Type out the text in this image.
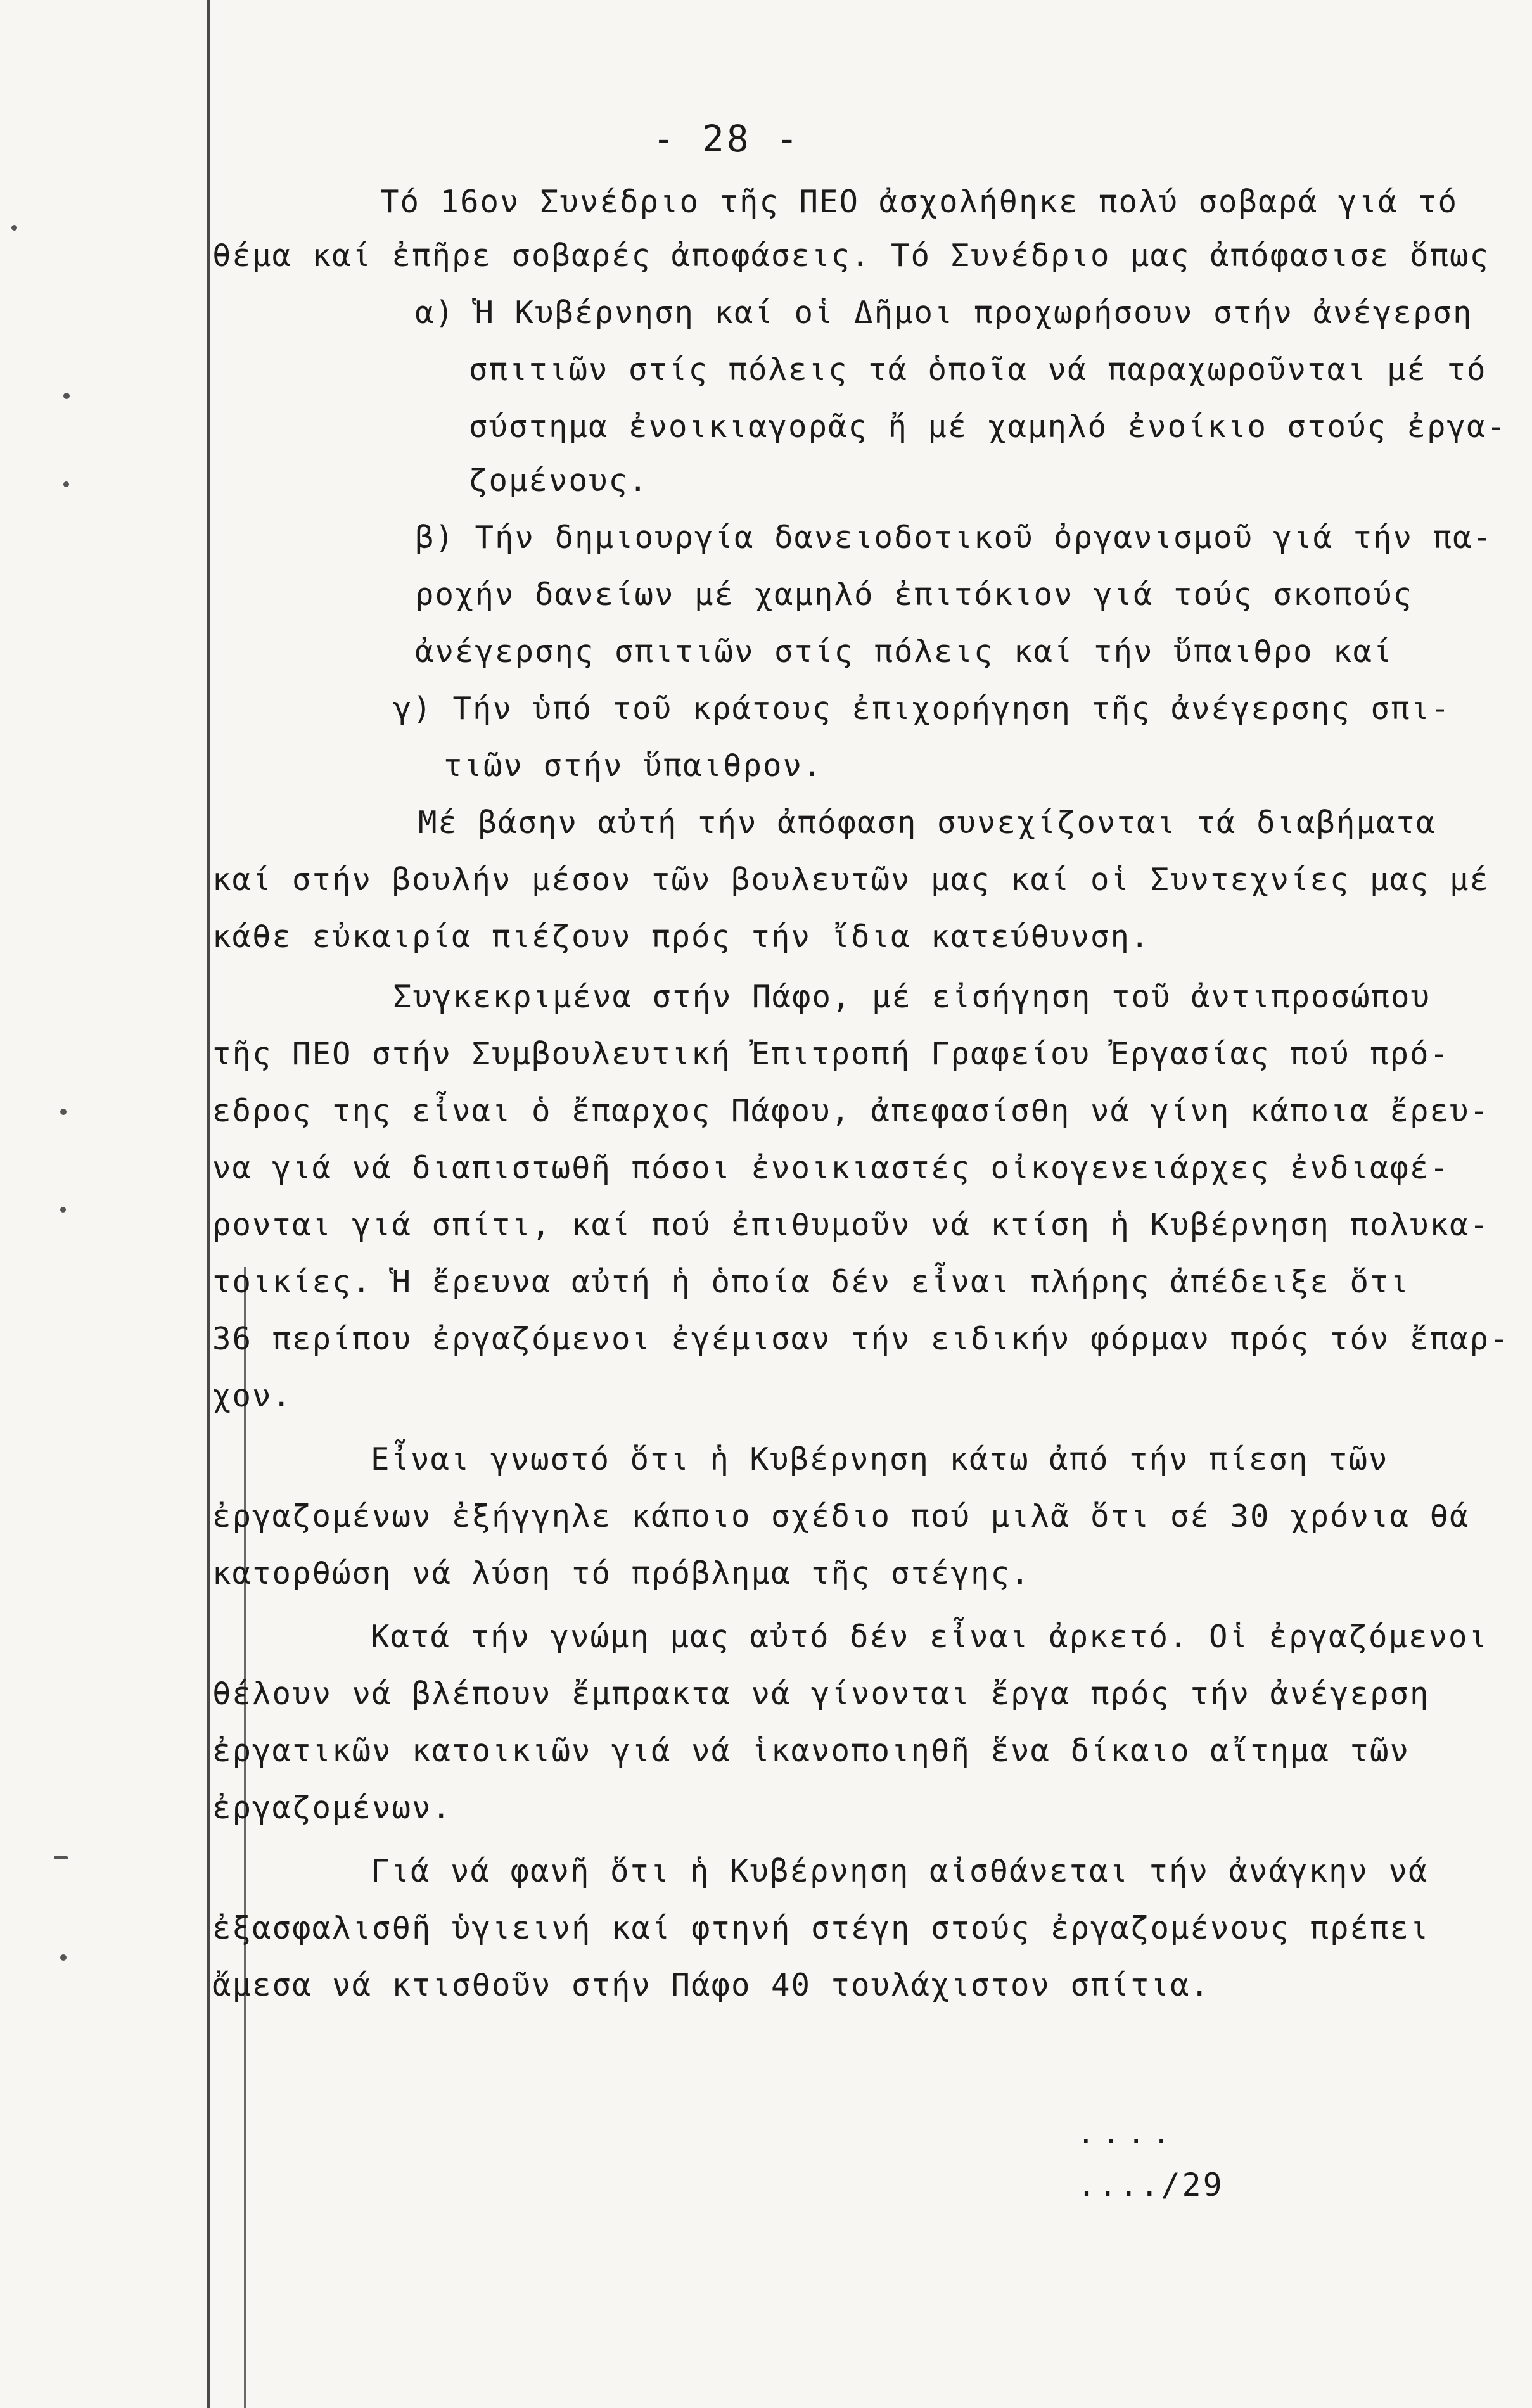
- 28 -
Τό 16ον Συνέδριο τῆς ΠΕΟ ἀσχολήθηκε πολύ σοβαρά γιά τό
θέμα καί ἐπῆρε σοβαρές ἀποφάσεις. Τό Συνέδριο μας ἀπόφασισε ὅπως
α) Ἡ Κυβέρνηση καί οἱ Δῆμοι προχωρήσουν στήν ἀνέγερση
σπιτιῶν στίς πόλεις τά ὁποῖα νά παραχωροῦνται μέ τό
σύστημα ἐνοικιαγορᾶς ἤ μέ χαμηλό ἐνοίκιο στούς ἐργα-
ζομένους.
β) Τήν δημιουργία δανειοδοτικοῦ ὀργανισμοῦ γιά τήν πα-
ροχήν δανείων μέ χαμηλό ἐπιτόκιον γιά τούς σκοπούς
ἀνέγερσης σπιτιῶν στίς πόλεις καί τήν ὕπαιθρο καί
γ) Τήν ὑπό τοῦ κράτους ἐπιχορήγηση τῆς ἀνέγερσης σπι-
τιῶν στήν ὕπαιθρον.
Μέ βάσην αὐτή τήν ἀπόφαση συνεχίζονται τά διαβήματα
καί στήν βουλήν μέσον τῶν βουλευτῶν μας καί οἱ Συντεχνίες μας μέ
κάθε εὐκαιρία πιέζουν πρός τήν ἴδια κατεύθυνση.
Συγκεκριμένα στήν Πάφο, μέ εἰσήγηση τοῦ ἀντιπροσώπου
τῆς ΠΕΟ στήν Συμβουλευτική Ἐπιτροπή Γραφείου Ἐργασίας πού πρό-
εδρος της εἶναι ὁ ἔπαρχος Πάφου, ἀπεφασίσθη νά γίνη κάποια ἔρευ-
να γιά νά διαπιστωθῆ πόσοι ἐνοικιαστές οἰκογενειάρχες ἐνδιαφέ-
ρονται γιά σπίτι, καί πού ἐπιθυμοῦν νά κτίση ἡ Κυβέρνηση πολυκα-
τοικίες. Ἡ ἔρευνα αὐτή ἡ ὁποία δέν εἶναι πλήρης ἀπέδειξε ὅτι
36 περίπου ἐργαζόμενοι ἐγέμισαν τήν ειδικήν φόρμαν πρός τόν ἔπαρ-
χον.
Εἶναι γνωστό ὅτι ἡ Κυβέρνηση κάτω ἀπό τήν πίεση τῶν
ἐργαζομένων ἐξήγγηλε κάποιο σχέδιο πού μιλᾶ ὅτι σέ 30 χρόνια θά
κατορθώση νά λύση τό πρόβλημα τῆς στέγης.
Κατά τήν γνώμη μας αὐτό δέν εἶναι ἀρκετό. Οἱ ἐργαζόμενοι
θέλουν νά βλέπουν ἔμπρακτα νά γίνονται ἔργα πρός τήν ἀνέγερση
ἐργατικῶν κατοικιῶν γιά νά ἱκανοποιηθῆ ἕνα δίκαιο αἴτημα τῶν
ἐργαζομένων.
Γιά νά φανῆ ὅτι ἡ Κυβέρνηση αἰσθάνεται τήν ἀνάγκην νά
ἐξασφαλισθῆ ὑγιεινή καί φτηνή στέγη στούς ἐργαζομένους πρέπει
ἄμεσα νά κτισθοῦν στήν Πάφο 40 τουλάχιστον σπίτια.
....
..../29
